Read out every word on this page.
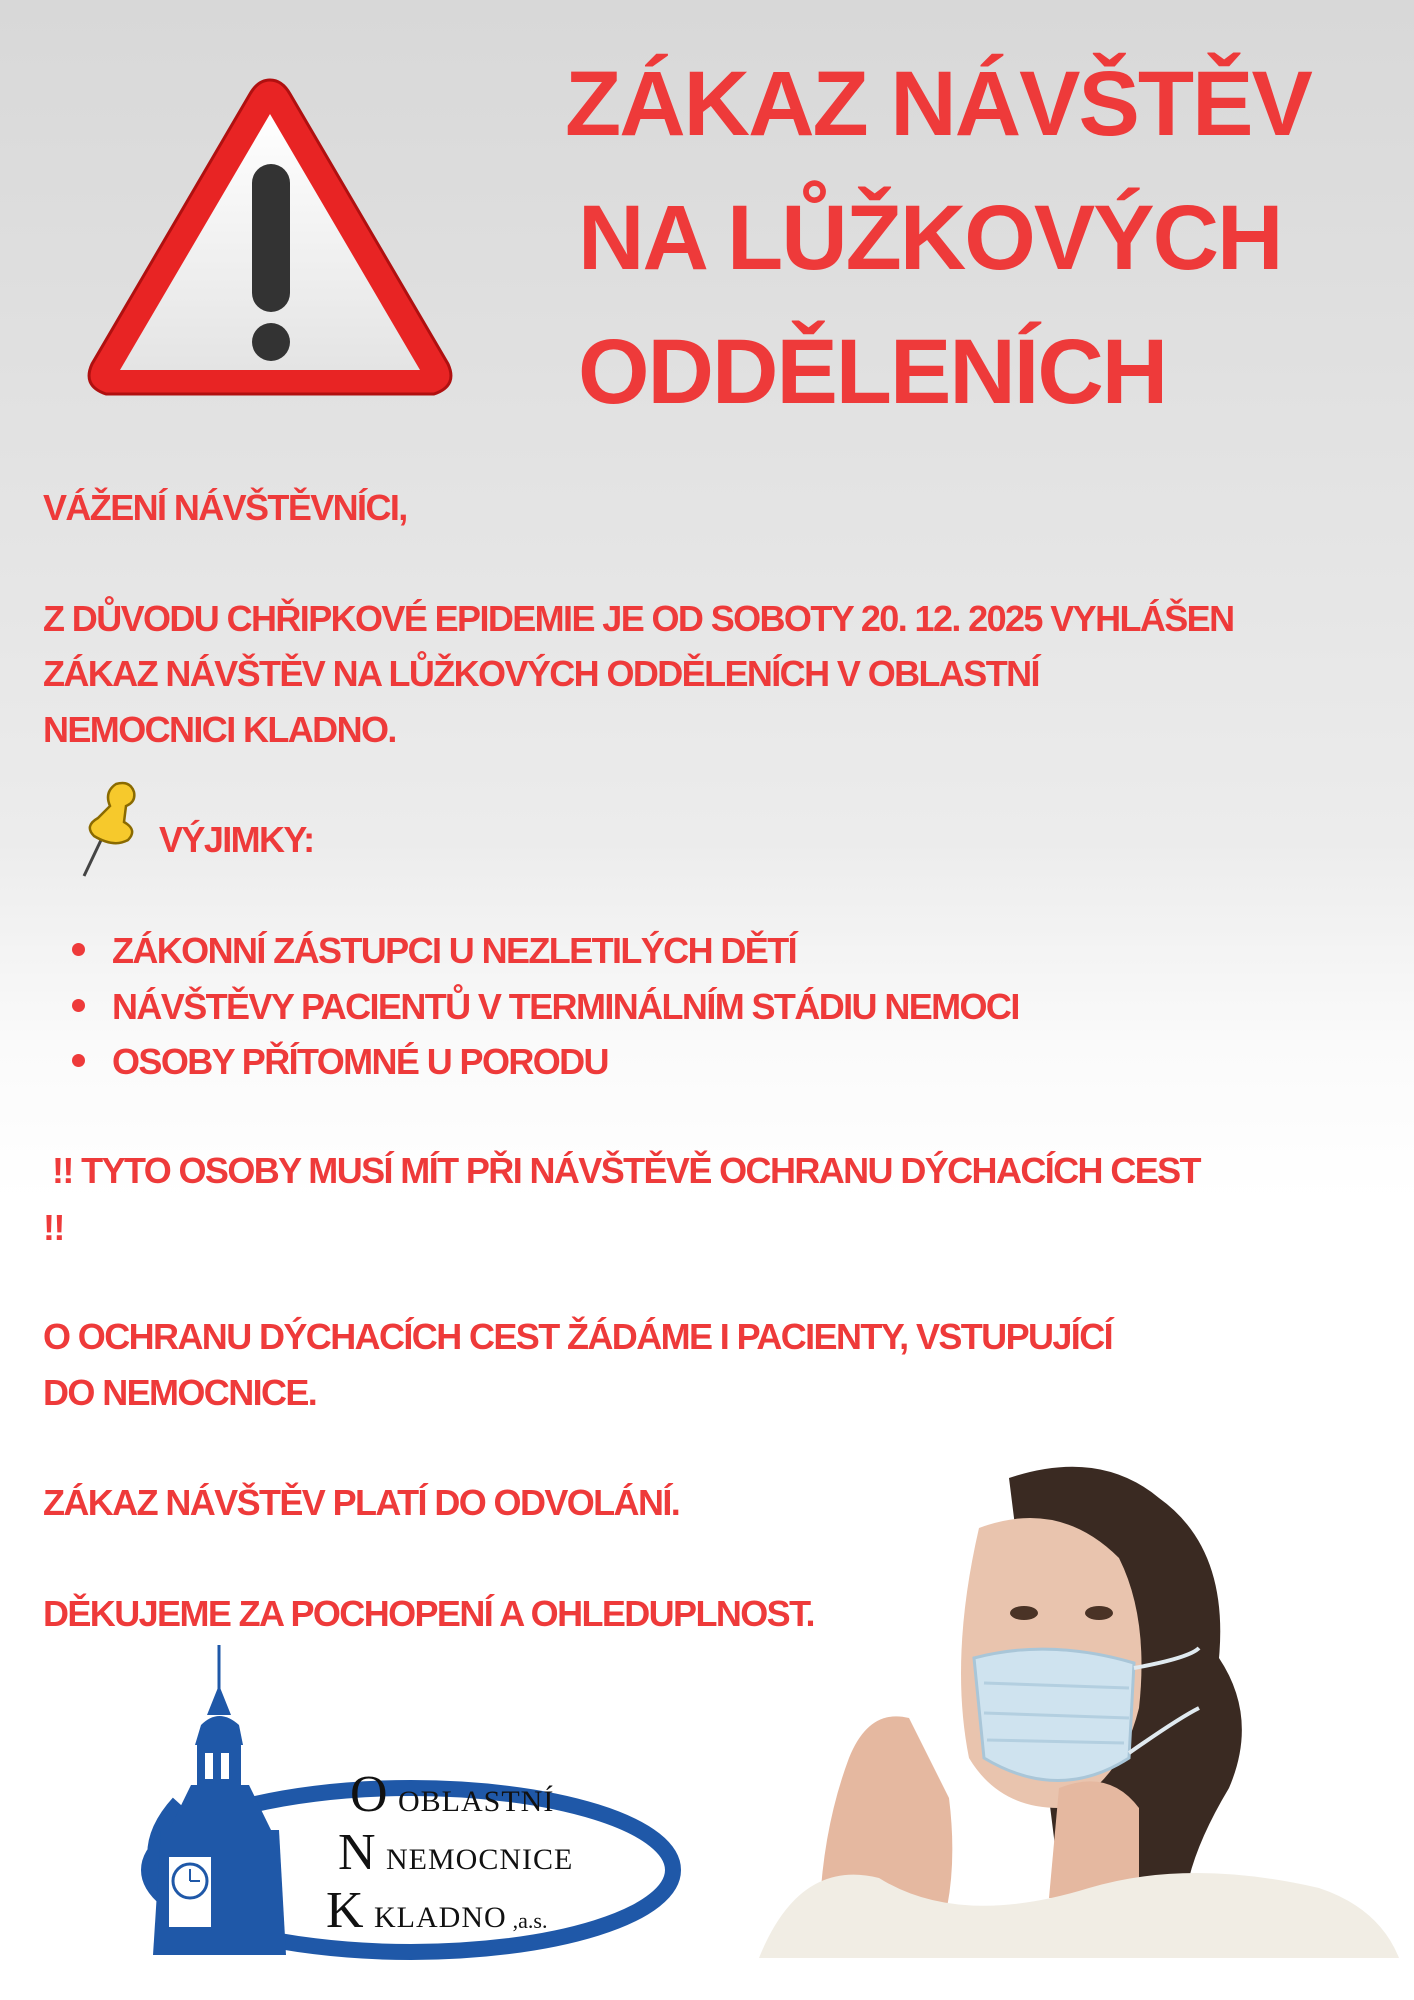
ZÁKAZ NÁVŠTĚV
NA LŮŽKOVÝCH
ODDĚLENÍCH
VÁŽENÍ NÁVŠTĚVNÍCI,
Z DŮVODU CHŘIPKOVÉ EPIDEMIE JE OD SOBOTY 20. 12. 2025 VYHLÁŠEN
ZÁKAZ NÁVŠTĚV NA LŮŽKOVÝCH ODDĚLENÍCH V OBLASTNÍ
NEMOCNICI KLADNO.
VÝJIMKY:
ZÁKONNÍ ZÁSTUPCI U NEZLETILÝCH DĚTÍ
NÁVŠTĚVY PACIENTŮ V TERMINÁLNÍM STÁDIU NEMOCI
OSOBY PŘÍTOMNÉ U PORODU
!! TYTO OSOBY MUSÍ MÍT PŘI NÁVŠTĚVĚ OCHRANU DÝCHACÍCH CEST
!!
O OCHRANU DÝCHACÍCH CEST ŽÁDÁME I PACIENTY, VSTUPUJÍCÍ
DO NEMOCNICE.
ZÁKAZ NÁVŠTĚV PLATÍ DO ODVOLÁNÍ.
DĚKUJEME ZA POCHOPENÍ A OHLEDUPLNOST.
O OBLASTNÍ
N NEMOCNICE
K KLADNO ,a.s.
